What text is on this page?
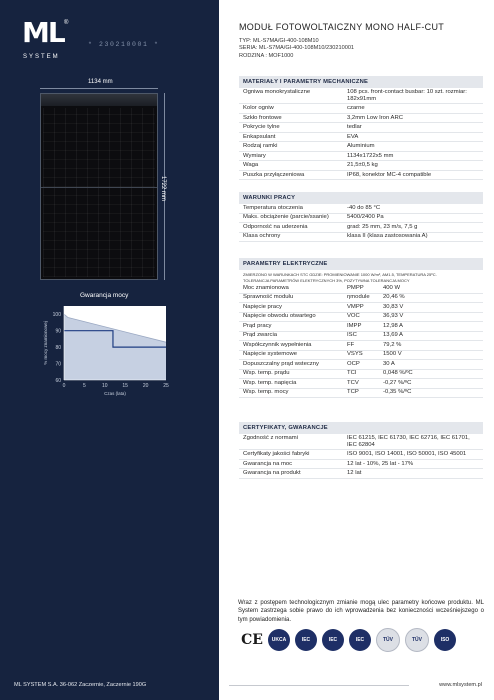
ML ®
SYSTEM
* 230210001 *
1134 mm
1722 mm
Gwarancja mocy
100
90
80
70
60
0	5	10	15	20	25
Czas (lata)
% mocy znamionowej
MODUŁ FOTOWOLTAICZNY MONO HALF-CUT
TYP: ML-S7MA/GI-400-108M10
SERIA: ML-S7MA/GI-400-108M10/230210001
RODZINA : MOF1000
MATERIAŁY I PARAMETRY MECHANICZNE
Ogniwa monokrystaliczne	108 pcs. front-contact busbar: 10 szt. rozmiar: 182x91mm
Kolor ogniw	czarne
Szkło frontowe	3,2mm Low Iron ARC
Pokrycie tylne	tedlar
Enkapsulant	EVA
Rodzaj ramki	Aluminium
Wymiary	1134x1722x5 mm
Waga	21,5±0,5 kg
Puszka przyłączeniowa	IP68, konektor MC-4 compatible
WARUNKI PRACY
Temperatura otoczenia	-40 do 85 °C
Maks. obciążenie (parcie/ssanie)	5400/2400 Pa
Odporność na uderzenia	grad: 25 mm, 23 m/s, 7,5 g
Klasa ochrony	klasa II (klasa zastosowania A)
PARAMETRY ELEKTRYCZNE
ZMIERZONO W WARUNKACH STC GDZIE: PROMIENIOWANIE 1000 W/m², AM1.5, TEMPERATURA 25ºC.
TOLERANCJA PARAMETRÓW ELEKTRYCZNYCH 3%, POZYTYWNA TOLERANCJA MOCY
Moc znamionowa	PMPP	400 W
Sprawność modułu	ηmodule	20,46 %
Napięcie pracy	VMPP	30,83 V
Napięcie obwodu otwartego	VOC	36,93 V
Prąd pracy	IMPP	12,98 A
Prąd zwarcia	ISC	13,69 A
Współczynnik wypełnienia	FF	79,2 %
Napięcie systemowe	VSYS	1500 V
Dopuszczalny prąd wsteczny	OCP	30 A
Wsp. temp. prądu	TCI	0,048 %/ºC
Wsp. temp. napięcia	TCV	-0,27 %/ºC
Wsp. temp. mocy	TCP	-0,35 %/ºC
CERTYFIKATY, GWARANCJE
Zgodność z normami	IEC 61215, IEC 61730, IEC 62716, IEC 61701, IEC 62804
Certyfikaty jakości fabryki	ISO 9001, ISO 14001, ISO 50001, ISO 45001
Gwarancja na moc	12 lat - 10%, 25 lat - 17%
Gwarancja na produkt	12 lat
Wraz z postępem technologicznym zmianie mogą ulec parametry końcowe produktu. ML System zastrzega sobie prawo do ich wprowadzenia bez konieczności wcześniejszego o tym powiadomienia.
CE	UKCA	IEC	IEC	IEC	TÜV	TÜV	ISO
ML SYSTEM S.A. 36-062 Zaczernie, Zaczernie 190G	www.mlsystem.pl
